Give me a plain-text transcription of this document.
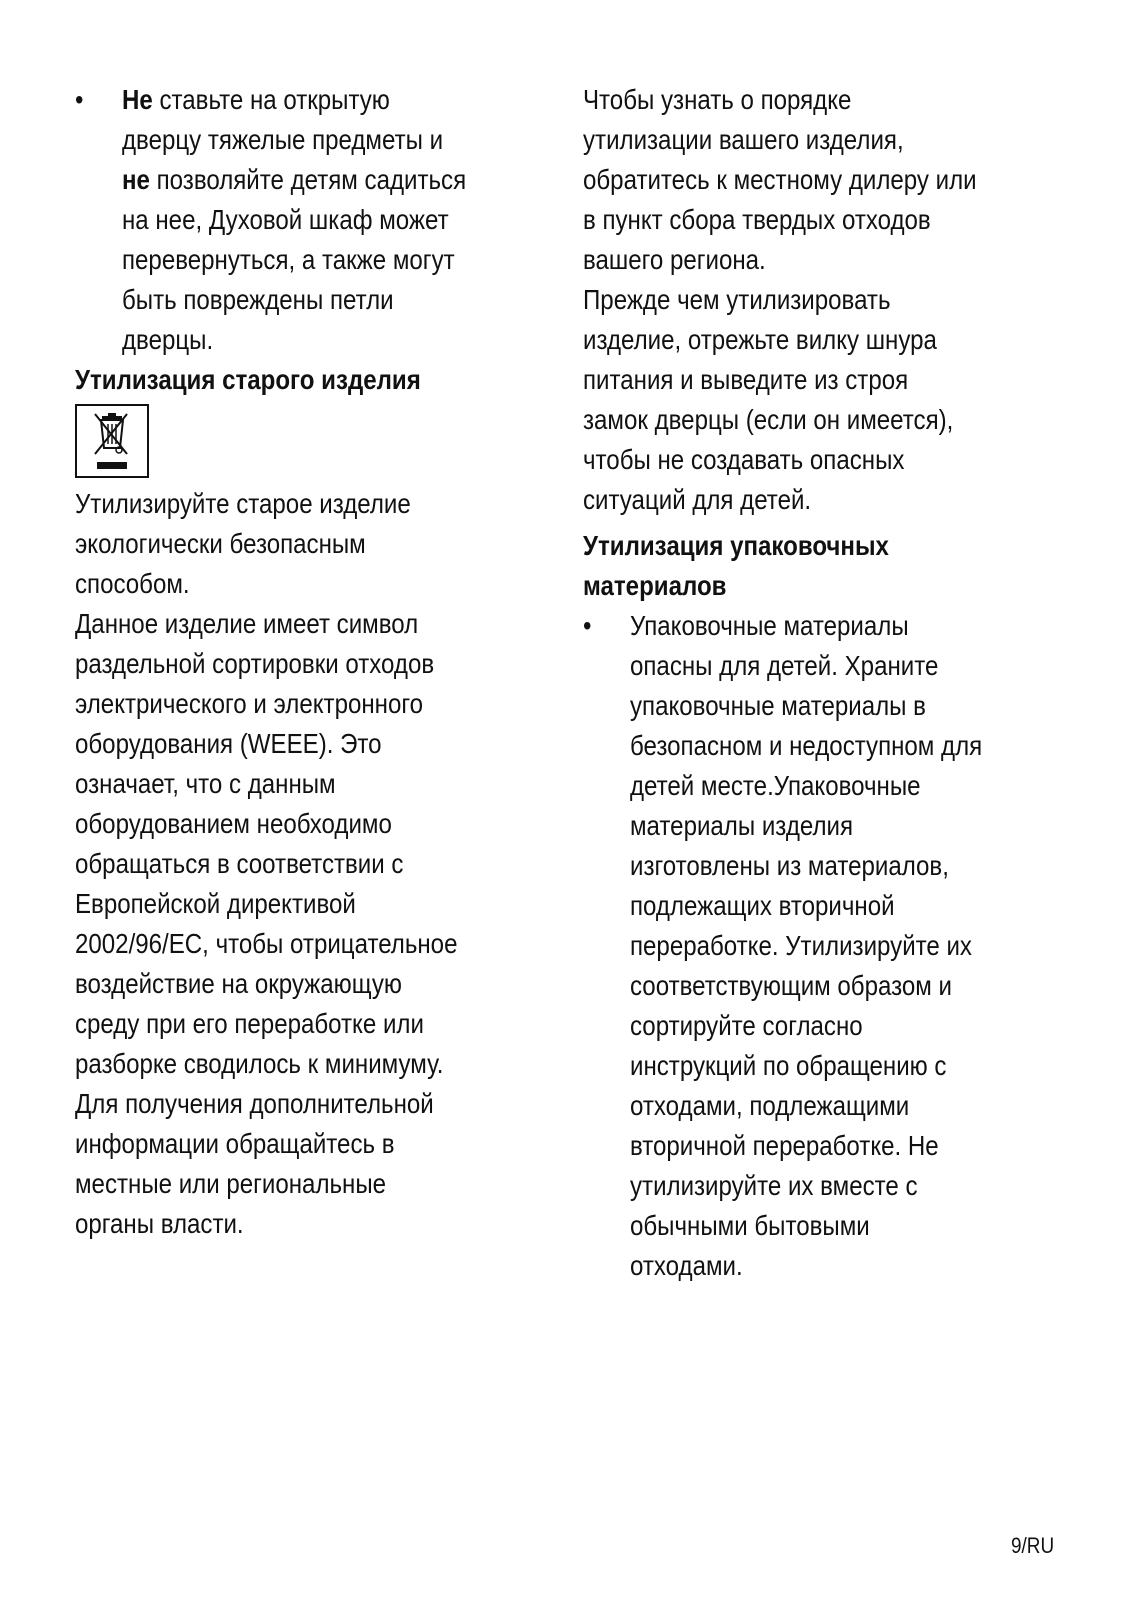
•	Не ставьте на открытую
дверцу тяжелые предметы и
не позволяйте детям садиться
на нее, Духовой шкаф может
перевернуться, а также могут
быть повреждены петли
дверцы.
Утилизация старого изделия
Утилизируйте старое изделие
экологически безопасным
способом.
Данное изделие имеет символ
раздельной сортировки отходов
электрического и электронного
оборудования (WEEE). Это
означает, что с данным
оборудованием необходимо
обращаться в соответствии с
Европейской директивой
2002/96/EC, чтобы отрицательное
воздействие на окружающую
среду при его переработке или
разборке сводилось к минимуму.
Для получения дополнительной
информации обращайтесь в
местные или региональные
органы власти.
Чтобы узнать о порядке
утилизации вашего изделия,
обратитесь к местному дилеру или
в пункт сбора твердых отходов
вашего региона.
Прежде чем утилизировать
изделие, отрежьте вилку шнура
питания и выведите из строя
замок дверцы (если он имеется),
чтобы не создавать опасных
ситуаций для детей.
Утилизация упаковочных
материалов
•	Упаковочные материалы
опасны для детей. Храните
упаковочные материалы в
безопасном и недоступном для
детей месте.Упаковочные
материалы изделия
изготовлены из материалов,
подлежащих вторичной
переработке. Утилизируйте их
соответствующим образом и
сортируйте согласно
инструкций по обращению с
отходами, подлежащими
вторичной переработке. Не
утилизируйте их вместе с
обычными бытовыми
отходами.
9/RU
